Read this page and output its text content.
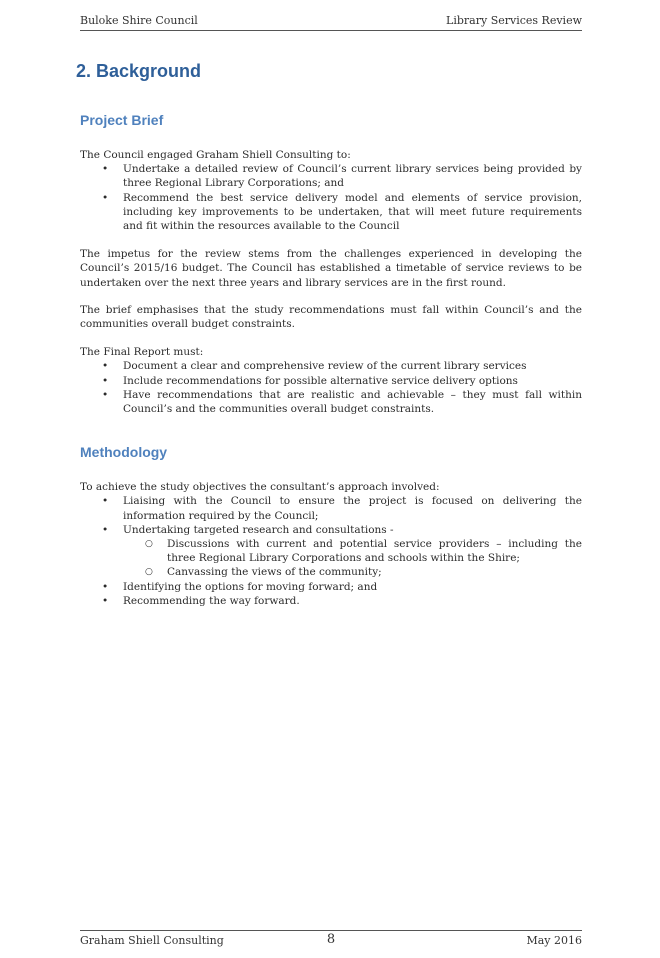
Buloke Shire Council	Library Services Review
2. Background
Project Brief

The Council engaged Graham Shiell Consulting to:

• Undertake a detailed review of Council’s current library services being provided by three Regional Library Corporations; and
• Recommend the best service delivery model and elements of service provision, including key improvements to be undertaken, that will meet future requirements and fit within the resources available to the Council

The impetus for the review stems from the challenges experienced in developing the Council’s 2015/16 budget. The Council has established a timetable of service reviews to be undertaken over the next three years and library services are in the first round.

The brief emphasises that the study recommendations must fall within Council’s and the communities overall budget constraints.

The Final Report must:

• Document a clear and comprehensive review of the current library services
• Include recommendations for possible alternative service delivery options
• Have recommendations that are realistic and achievable – they must fall within Council’s and the communities overall budget constraints.
Methodology

To achieve the study objectives the consultant’s approach involved:

• Liaising with the Council to ensure the project is focused on delivering the information required by the Council;
• Undertaking targeted research and consultations -
○ Discussions with current and potential service providers – including the three Regional Library Corporations and schools within the Shire;
○ Canvassing the views of the community;
• Identifying the options for moving forward; and
• Recommending the way forward.
Graham Shiell Consulting	8	May 2016
